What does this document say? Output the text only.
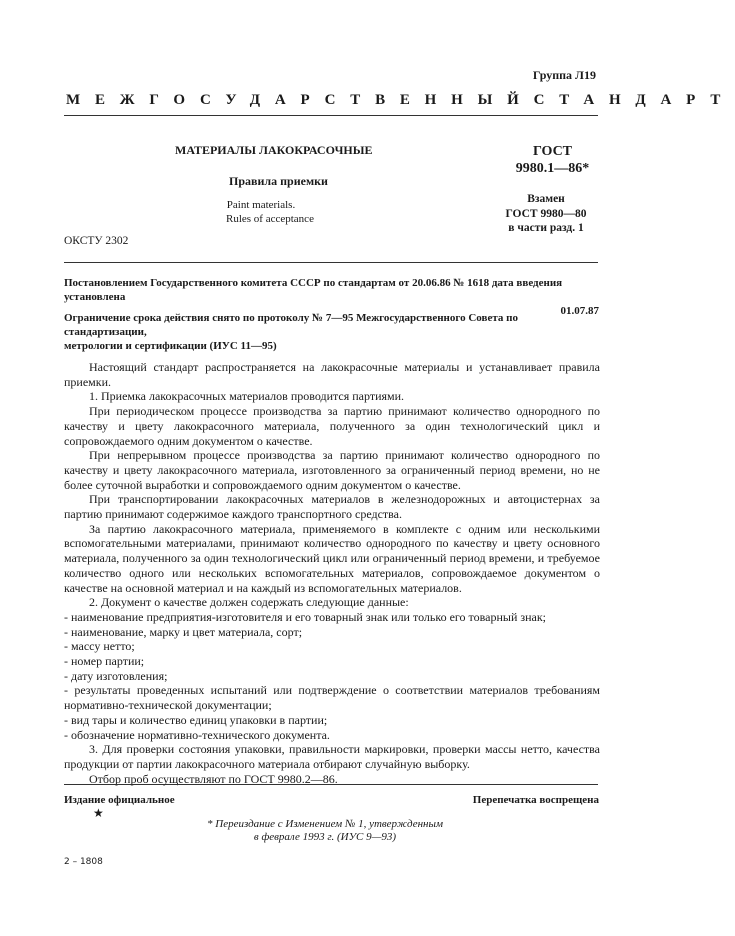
Группа Л19
МЕЖГОСУДАРСТВЕННЫЙ СТАНДАРТ
МАТЕРИАЛЫ ЛАКОКРАСОЧНЫЕ
Правила приемки
Paint materials.
Rules of acceptance
ОКСТУ 2302
ГОСТ
9980.1—86*
Взамен
ГОСТ 9980—80
в части разд. 1
Постановлением Государственного комитета СССР по стандартам от 20.06.86 № 1618 дата введения установлена
01.07.87
Ограничение срока действия снято по протоколу № 7—95 Межгосударственного Совета по стандартизации,
метрологии и сертификации (ИУС 11—95)

Настоящий стандарт распространяется на лакокрасочные материалы и устанавливает правила приемки.

1. Приемка лакокрасочных материалов проводится партиями.

При периодическом процессе производства за партию принимают количество однородного по качеству и цвету лакокрасочного материала, полученного за один технологический цикл и сопровождаемого одним документом о качестве.

При непрерывном процессе производства за партию принимают количество однородного по качеству и цвету лакокрасочного материала, изготовленного за ограниченный период времени, но не более суточной выработки и сопровождаемого одним документом о качестве.

При транспортировании лакокрасочных материалов в железнодорожных и автоцистернах за партию принимают содержимое каждого транспортного средства.

За партию лакокрасочного материала, применяемого в комплекте с одним или несколькими вспомогательными материалами, принимают количество однородного по качеству и цвету основного материала, полученного за один технологический цикл или ограниченный период времени, и требуемое количество одного или нескольких вспомогательных материалов, сопровождаемое документом о качестве на основной материал и на каждый из вспомогательных материалов.

2. Документ о качестве должен содержать следующие данные:

- наименование предприятия-изготовителя и его товарный знак или только его товарный знак;

- наименование, марку и цвет материала, сорт;

- массу нетто;

- номер партии;

- дату изготовления;

- результаты проведенных испытаний или подтверждение о соответствии материалов требованиям нормативно-технической документации;

- вид тары и количество единиц упаковки в партии;

- обозначение нормативно-технического документа.

3. Для проверки состояния упаковки, правильности маркировки, проверки массы нетто, качества продукции от партии лакокрасочного материала отбирают случайную выборку.

Отбор проб осуществляют по ГОСТ 9980.2—86.

Издание официальное
★
Перепечатка воспрещена
* Переиздание с Изменением № 1, утвержденным
в феврале 1993 г. (ИУС 9—93)
2 – 1808
